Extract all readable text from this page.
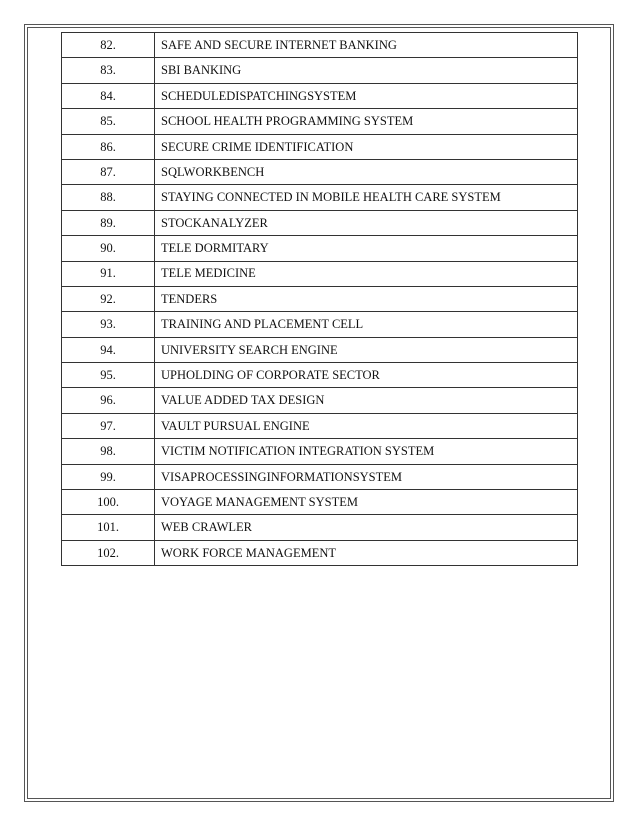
82.	SAFE AND SECURE INTERNET BANKING
83.	SBI BANKING
84.	SCHEDULEDISPATCHINGSYSTEM
85.	SCHOOL HEALTH PROGRAMMING SYSTEM
86.	SECURE CRIME IDENTIFICATION
87.	SQLWORKBENCH
88.	STAYING CONNECTED IN MOBILE HEALTH CARE SYSTEM
89.	STOCKANALYZER
90.	TELE DORMITARY
91.	TELE MEDICINE
92.	TENDERS
93.	TRAINING AND PLACEMENT CELL
94.	UNIVERSITY SEARCH ENGINE
95.	UPHOLDING OF CORPORATE SECTOR
96.	VALUE ADDED TAX DESIGN
97.	VAULT PURSUAL ENGINE
98.	VICTIM NOTIFICATION INTEGRATION SYSTEM
99.	VISAPROCESSINGINFORMATIONSYSTEM
100.	VOYAGE MANAGEMENT SYSTEM
101.	WEB CRAWLER
102.	WORK FORCE MANAGEMENT
